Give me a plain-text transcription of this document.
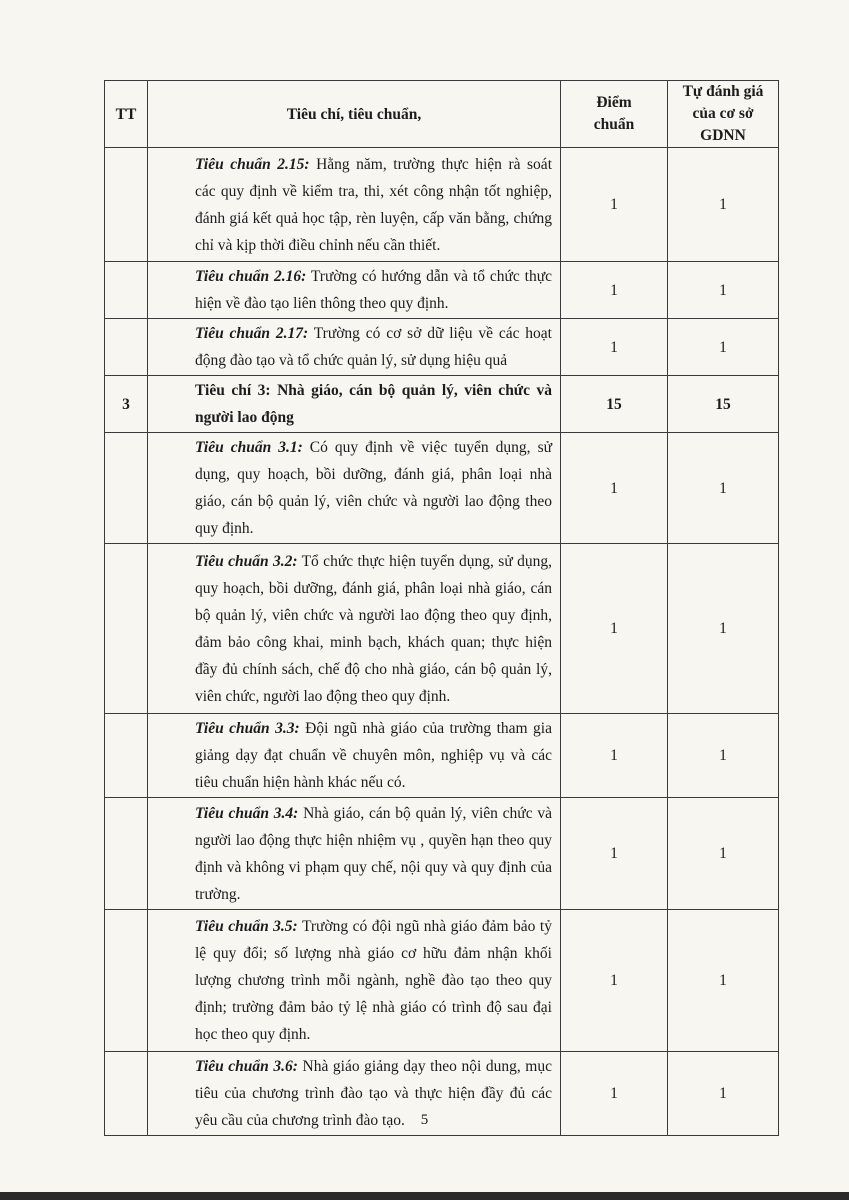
TT	Tiêu chí, tiêu chuẩn,	Điểm chuẩn	Tự đánh giá của cơ sở GDNN
	Tiêu chuẩn 2.15: Hằng năm, trường thực hiện rà soát các quy định về kiểm tra, thi, xét công nhận tốt nghiệp, đánh giá kết quả học tập, rèn luyện, cấp văn bằng, chứng chỉ và kịp thời điều chỉnh nếu cần thiết.	1	1
	Tiêu chuẩn 2.16: Trường có hướng dẫn và tổ chức thực hiện về đào tạo liên thông theo quy định.	1	1
	Tiêu chuẩn 2.17: Trường có cơ sở dữ liệu về các hoạt động đào tạo và tổ chức quản lý, sử dụng hiệu quả	1	1
3	Tiêu chí 3: Nhà giáo, cán bộ quản lý, viên chức và người lao động	15	15
	Tiêu chuẩn 3.1: Có quy định về việc tuyển dụng, sử dụng, quy hoạch, bồi dưỡng, đánh giá, phân loại nhà giáo, cán bộ quản lý, viên chức và người lao động theo quy định.	1	1
	Tiêu chuẩn 3.2: Tổ chức thực hiện tuyển dụng, sử dụng, quy hoạch, bồi dưỡng, đánh giá, phân loại nhà giáo, cán bộ quản lý, viên chức và người lao động theo quy định, đảm bảo công khai, minh bạch, khách quan; thực hiện đầy đủ chính sách, chế độ cho nhà giáo, cán bộ quản lý, viên chức, người lao động theo quy định.	1	1
	Tiêu chuẩn 3.3: Đội ngũ nhà giáo của trường tham gia giảng dạy đạt chuẩn về chuyên môn, nghiệp vụ và các tiêu chuẩn hiện hành khác nếu có.	1	1
	Tiêu chuẩn 3.4: Nhà giáo, cán bộ quản lý, viên chức và người lao động thực hiện nhiệm vụ , quyền hạn theo quy định và không vi phạm quy chế, nội quy và quy định của trường.	1	1
	Tiêu chuẩn 3.5: Trường có đội ngũ nhà giáo đảm bảo tỷ lệ quy đổi; số lượng nhà giáo cơ hữu đảm nhận khối lượng chương trình mỗi ngành, nghề đào tạo theo quy định; trường đảm bảo tỷ lệ nhà giáo có trình độ sau đại học theo quy định.	1	1
	Tiêu chuẩn 3.6: Nhà giáo giảng dạy theo nội dung, mục tiêu của chương trình đào tạo và thực hiện đầy đủ các yêu cầu của chương trình đào tạo.	1	1
5
